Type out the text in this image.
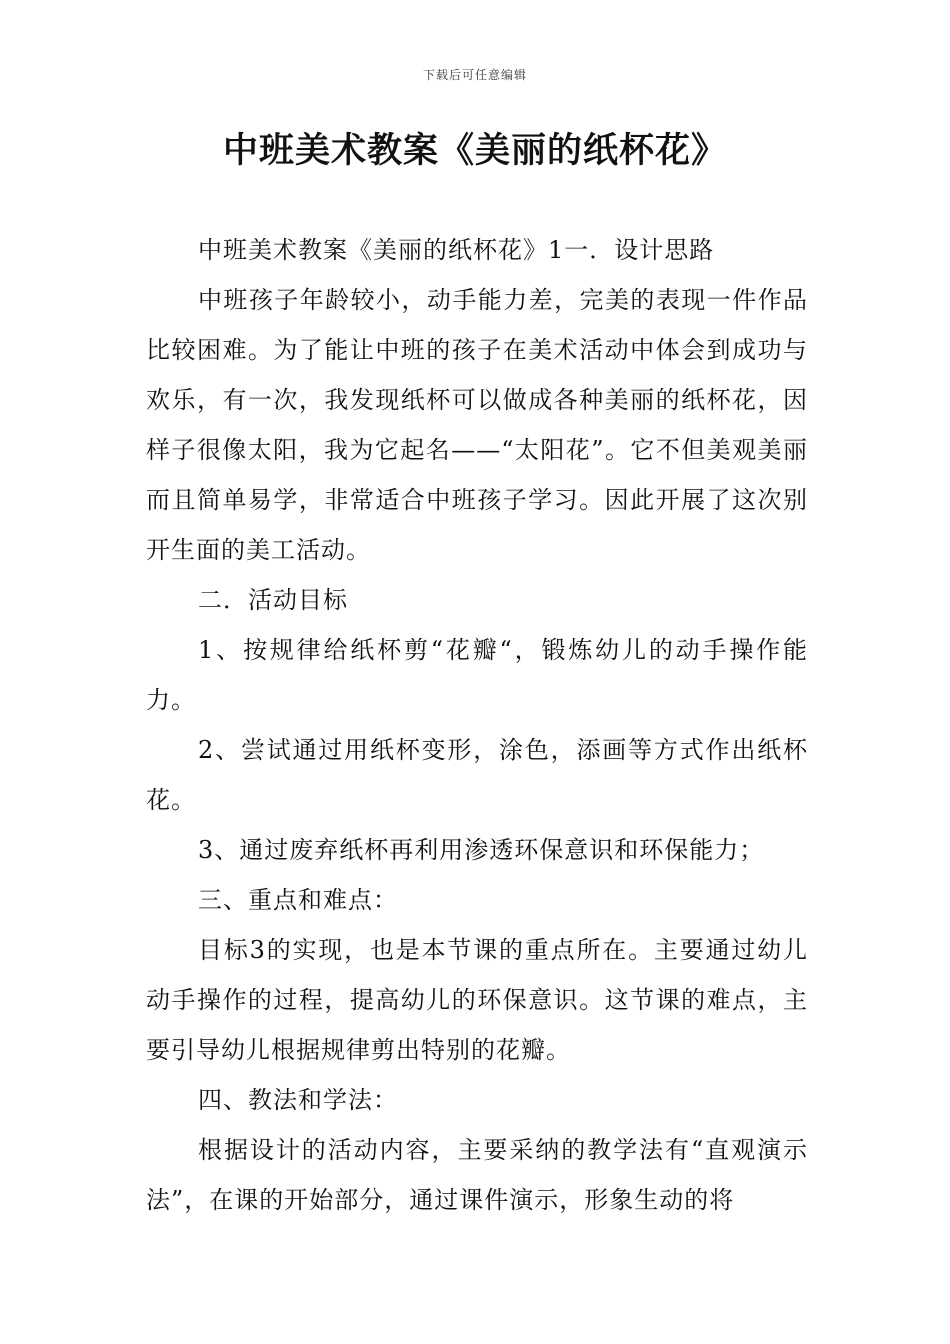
下载后可任意编辑
中班美术教案《美丽的纸杯花》

中班美术教案《美丽的纸杯花》1一．设计思路

中班孩子年龄较小，动手能力差，完美的表现一件作品比较困难。为了能让中班的孩子在美术活动中体会到成功与欢乐，有一次，我发现纸杯可以做成各种美丽的纸杯花，因样子很像太阳，我为它起名——“太阳花”。它不但美观美丽而且简单易学，非常适合中班孩子学习。因此开展了这次别开生面的美工活动。

二．活动目标

1、按规律给纸杯剪“花瓣“，锻炼幼儿的动手操作能力。

2、尝试通过用纸杯变形，涂色，添画等方式作出纸杯花。

3、通过废弃纸杯再利用渗透环保意识和环保能力；

三、重点和难点：

目标3的实现，也是本节课的重点所在。主要通过幼儿动手操作的过程，提高幼儿的环保意识。这节课的难点，主要引导幼儿根据规律剪出特别的花瓣。

四、教法和学法：

根据设计的活动内容，主要采纳的教学法有“直观演示法”，在课的开始部分，通过课件演示，形象生动的将
